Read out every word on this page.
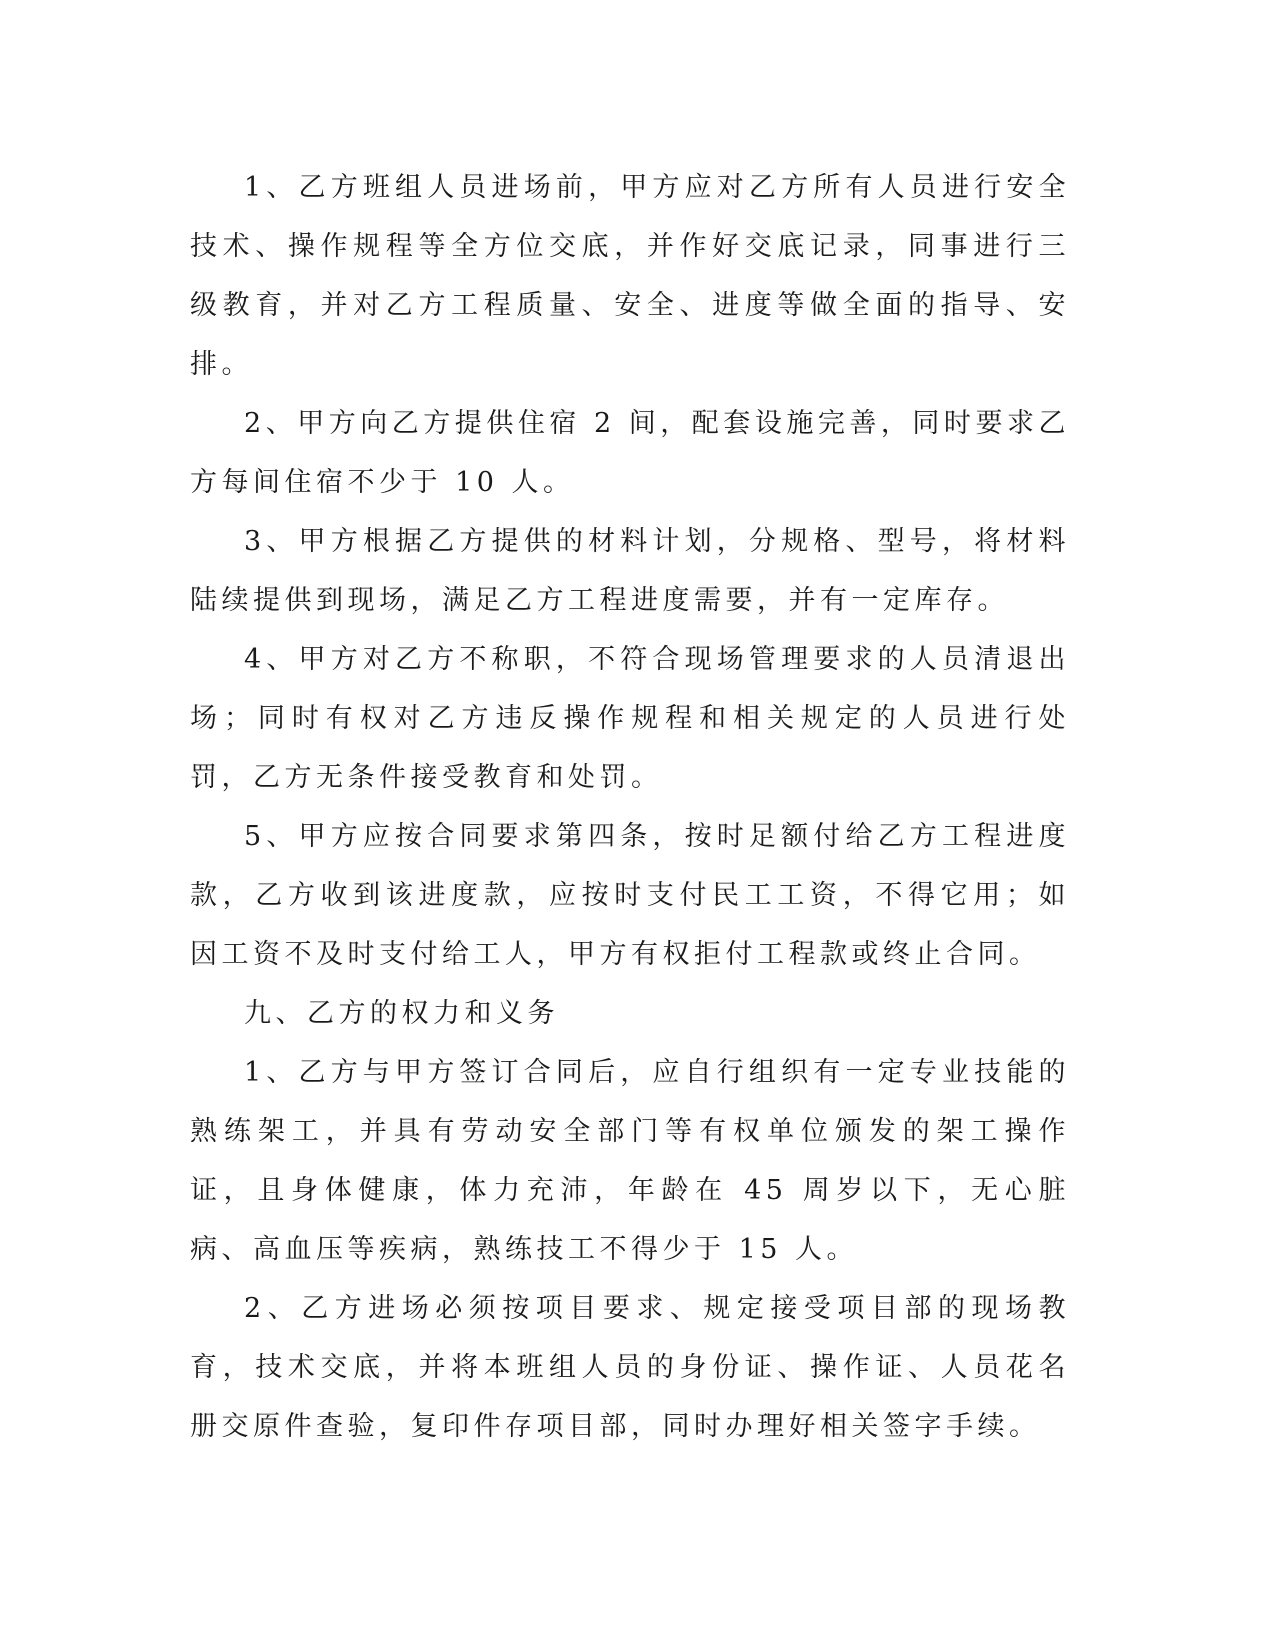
1、乙方班组人员进场前，甲方应对乙方所有人员进行安全技术、操作规程等全方位交底，并作好交底记录，同事进行三级教育，并对乙方工程质量、安全、进度等做全面的指导、安排。

2、甲方向乙方提供住宿 2 间，配套设施完善，同时要求乙方每间住宿不少于 10 人。

3、甲方根据乙方提供的材料计划，分规格、型号，将材料陆续提供到现场，满足乙方工程进度需要，并有一定库存。

4、甲方对乙方不称职，不符合现场管理要求的人员清退出场；同时有权对乙方违反操作规程和相关规定的人员进行处罚，乙方无条件接受教育和处罚。

5、甲方应按合同要求第四条，按时足额付给乙方工程进度款，乙方收到该进度款，应按时支付民工工资，不得它用；如因工资不及时支付给工人，甲方有权拒付工程款或终止合同。

九、乙方的权力和义务

1、乙方与甲方签订合同后，应自行组织有一定专业技能的熟练架工，并具有劳动安全部门等有权单位颁发的架工操作证，且身体健康，体力充沛，年龄在 45 周岁以下，无心脏病、高血压等疾病，熟练技工不得少于 15 人。

2、乙方进场必须按项目要求、规定接受项目部的现场教育，技术交底，并将本班组人员的身份证、操作证、人员花名册交原件查验，复印件存项目部，同时办理好相关签字手续。
